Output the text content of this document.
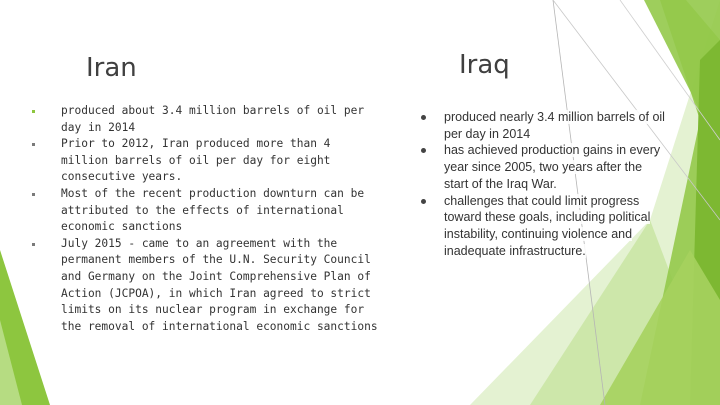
Iran	Iraq
produced about 3.4 million barrels of oil per day in 2014
Prior to 2012, Iran produced more than 4 million barrels of oil per day for eight consecutive years.
Most of the recent production downturn can be attributed to the effects of international economic sanctions
July 2015 - came to an agreement with the permanent members of the U.N. Security Council and Germany on the Joint Comprehensive Plan of Action (JCPOA), in which Iran agreed to strict limits on its nuclear program in exchange for the removal of international economic sanctions
produced nearly 3.4 million barrels of oil per day in 2014
has achieved production gains in every year since 2005, two years after the start of the Iraq War.
challenges that could limit progress toward these goals, including political instability, continuing violence and inadequate infrastructure.
